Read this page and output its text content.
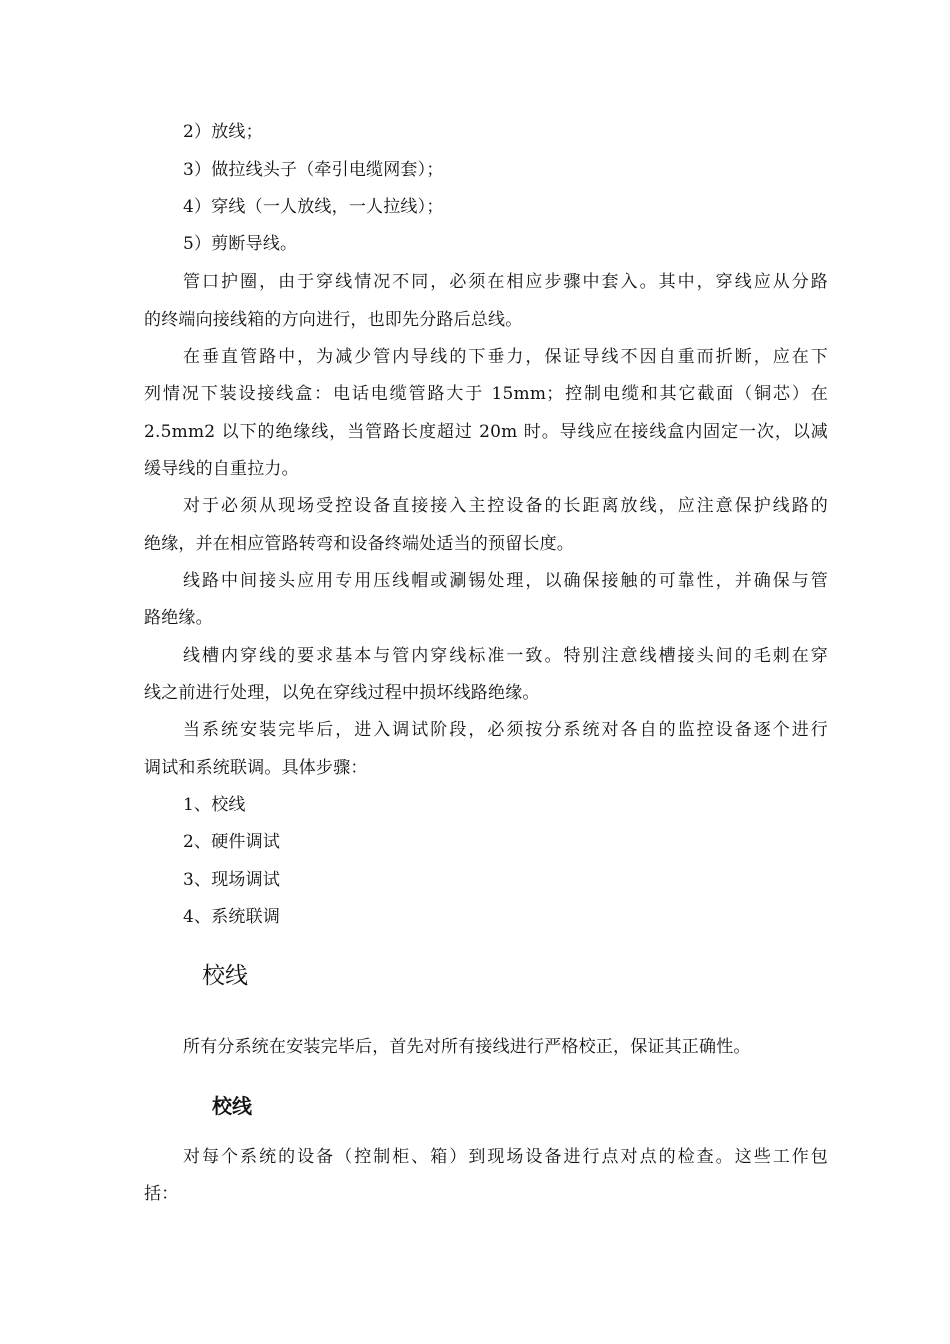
2）放线；
3）做拉线头子（牵引电缆网套）；
4）穿线（一人放线，一人拉线）；
5）剪断导线。
管口护圈，由于穿线情况不同，必须在相应步骤中套入。其中，穿线应从分路
的终端向接线箱的方向进行，也即先分路后总线。
在垂直管路中，为减少管内导线的下垂力，保证导线不因自重而折断，应在下
列情况下装设接线盒：电话电缆管路大于 15mm；控制电缆和其它截面（铜芯）在
2.5mm2 以下的绝缘线，当管路长度超过 20m 时。导线应在接线盒内固定一次，以减
缓导线的自重拉力。
对于必须从现场受控设备直接接入主控设备的长距离放线，应注意保护线路的
绝缘，并在相应管路转弯和设备终端处适当的预留长度。
线路中间接头应用专用压线帽或涮锡处理，以确保接触的可靠性，并确保与管
路绝缘。
线槽内穿线的要求基本与管内穿线标准一致。特别注意线槽接头间的毛刺在穿
线之前进行处理，以免在穿线过程中损坏线路绝缘。
当系统安装完毕后，进入调试阶段，必须按分系统对各自的监控设备逐个进行
调试和系统联调。具体步骤：
1、校线
2、硬件调试
3、现场调试
4、系统联调
校线
所有分系统在安装完毕后，首先对所有接线进行严格校正，保证其正确性。
校线
对每个系统的设备（控制柜、箱）到现场设备进行点对点的检查。这些工作包
括：
